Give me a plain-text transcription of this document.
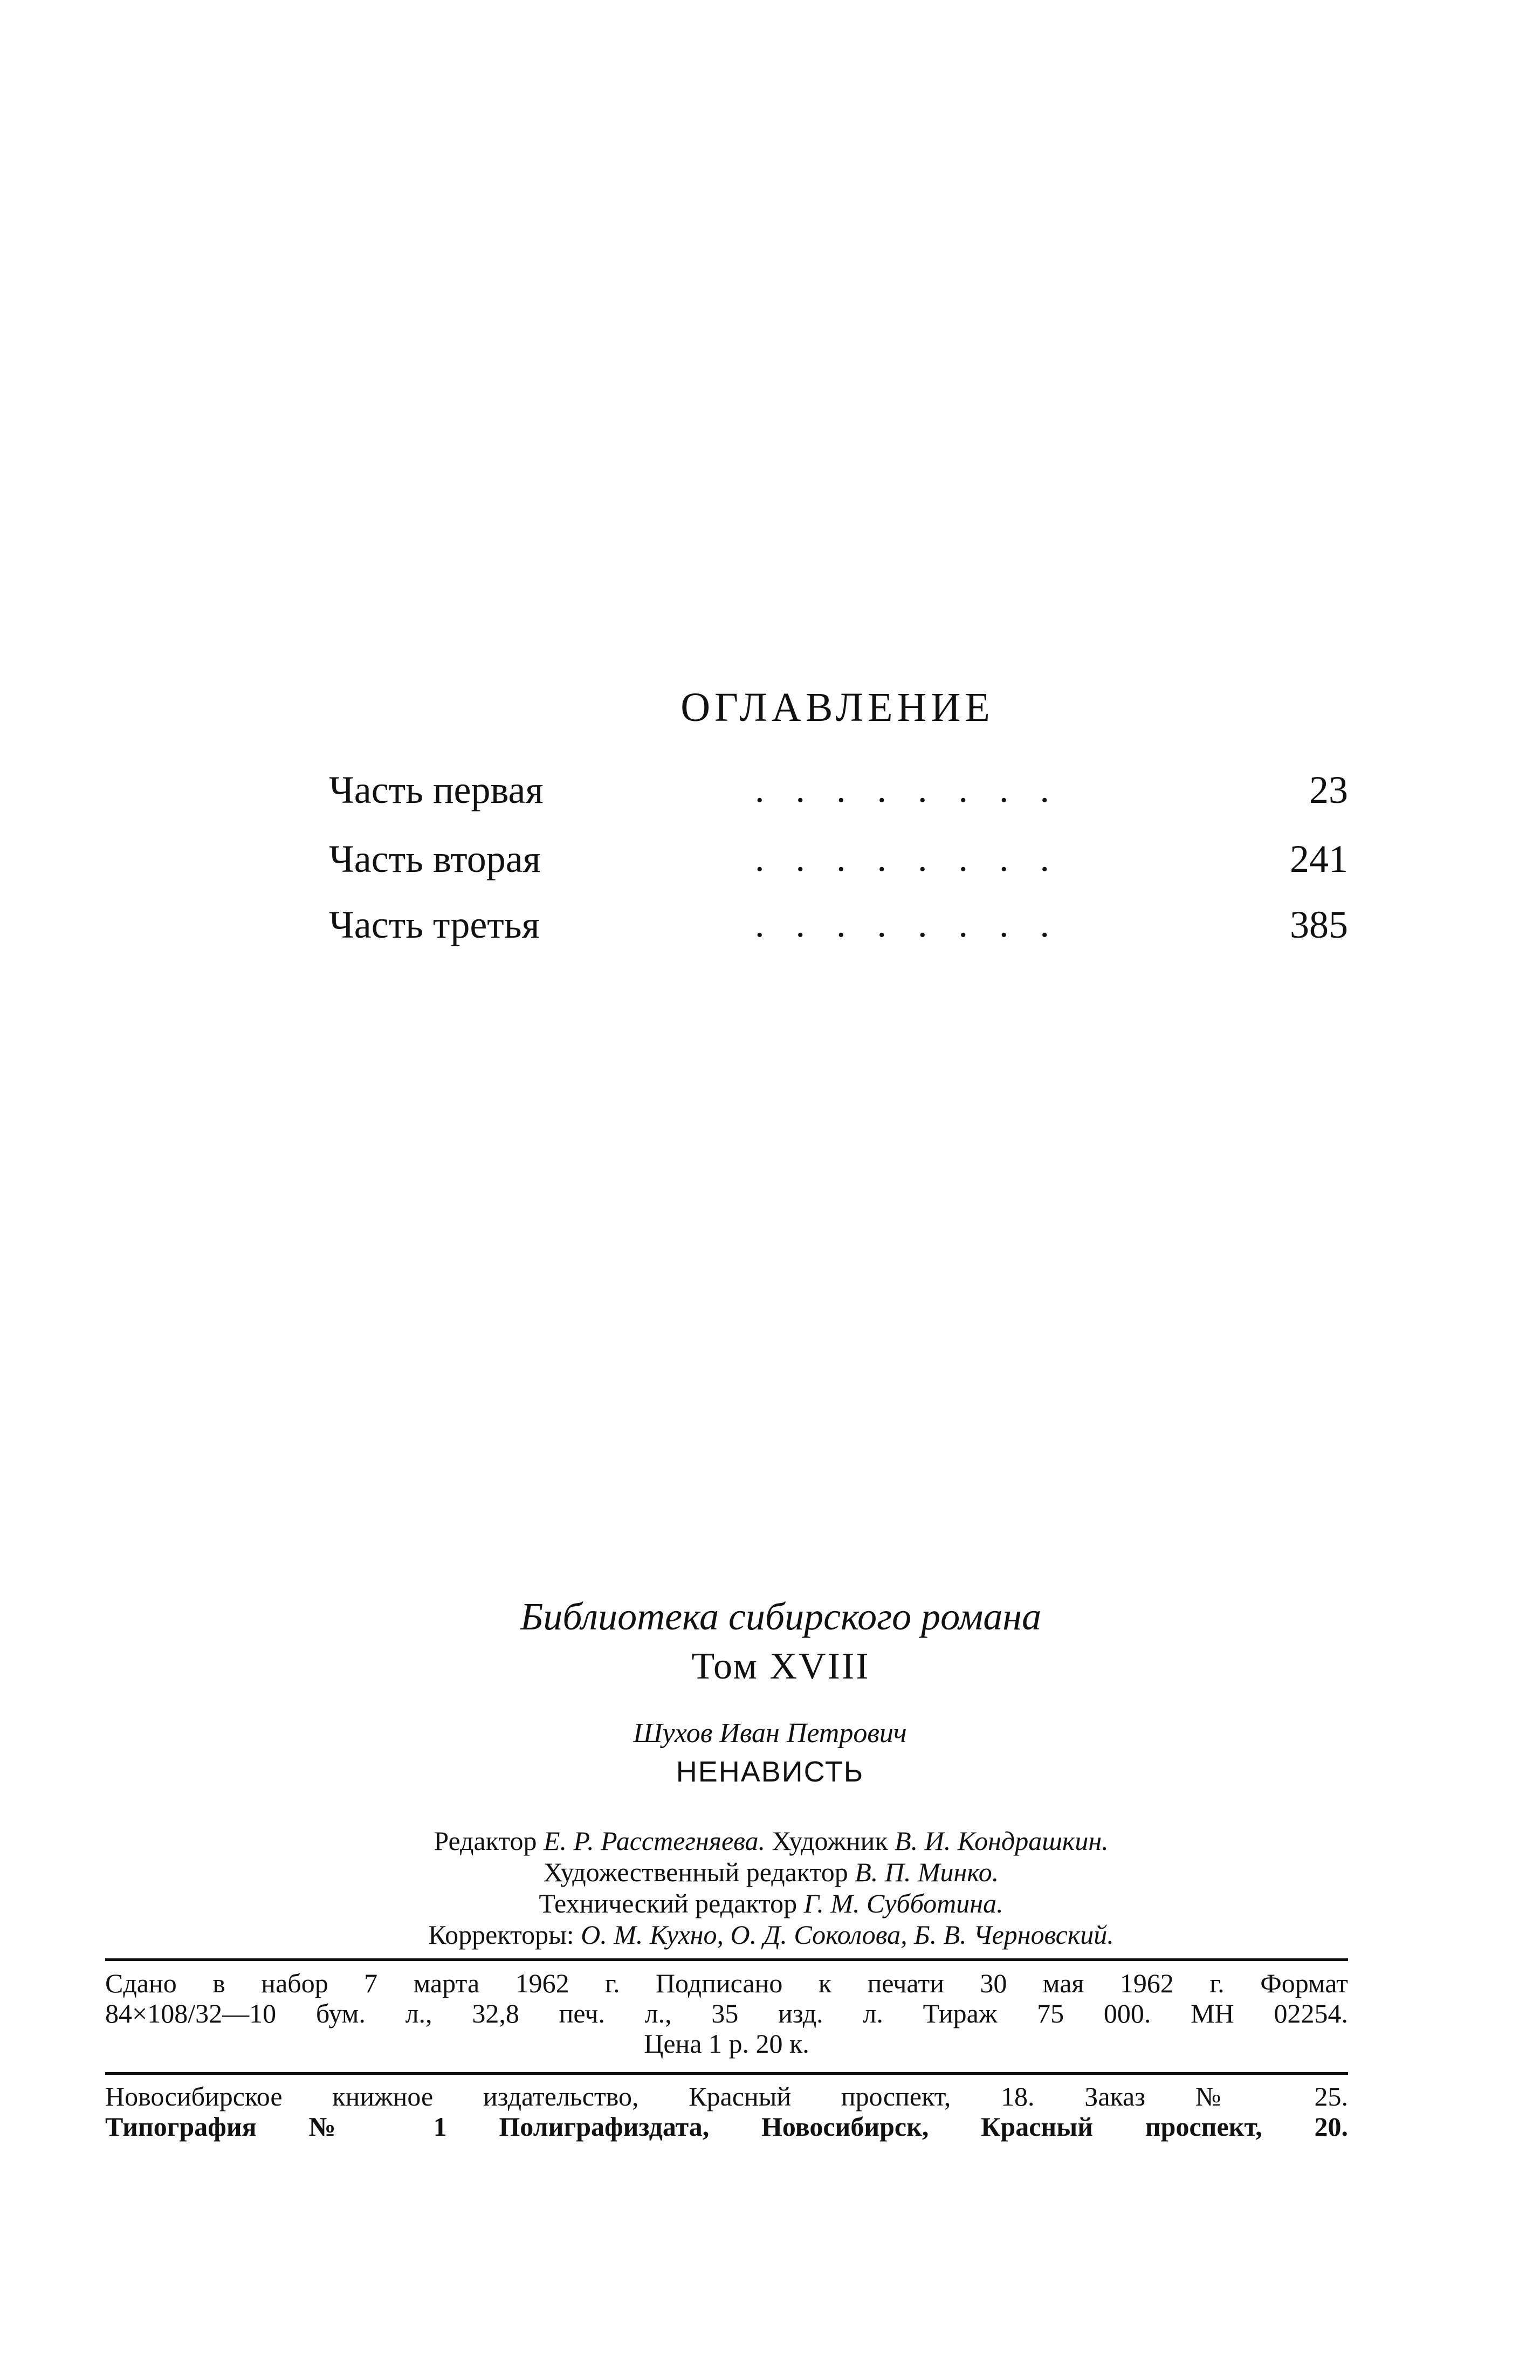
ОГЛАВЛЕНИЕ
Часть первая	........	23
Часть вторая	........	241
Часть третья	........	385
Библиотека сибирского романа
Том XVIII
Шухов Иван Петрович
НЕНАВИСТЬ
Редактор Е. Р. Расстегняева. Художник В. И. Кондрашкин.
Художественный редактор В. П. Минко.
Технический редактор Г. М. Субботина.
Корректоры: О. М. Кухно, О. Д. Соколова, Б. В. Черновский.
Сдано в набор 7 марта 1962 г. Подписано к печати 30 мая 1962 г. Формат
84×108/32—10 бум. л., 32,8 печ. л., 35 изд. л. Тираж 75 000. МН 02254.
Цена 1 р. 20 к.
Новосибирское книжное издательство, Красный проспект, 18. Заказ № 25.
Типография № 1 Полиграфиздата, Новосибирск, Красный проспект, 20.
